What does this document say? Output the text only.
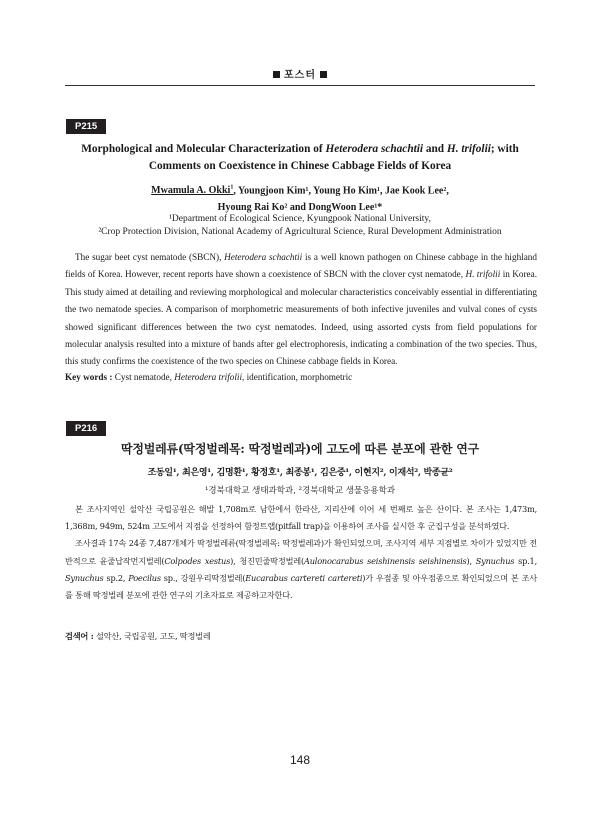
포스터
P215
Morphological and Molecular Characterization of Heterodera schachtii and H. trifolii; with
Comments on Coexistence in Chinese Cabbage Fields of Korea
Mwamula A. Okki$^1$, Youngjoon Kim¹, Young Ho Kim¹, Jae Kook Lee²,
Hyoung Rai Ko² and DongWoon Lee¹*
¹Department of Ecological Science, Kyungpook National University,
²Crop Protection Division, National Academy of Agricultural Science, Rural Development Administration

The sugar beet cyst nematode (SBCN), Heterodera schachtii is a well known pathogen on Chinese cabbage in the highland fields of Korea. However, recent reports have shown a coexistence of SBCN with the clover cyst nematode, H. trifolii in Korea. This study aimed at detailing and reviewing morphological and molecular characteristics conceivably essential in differentiating the two nematode species. A comparison of morphometric measurements of both infective juveniles and vulval cones of cysts showed significant differences between the two cyst nematodes. Indeed, using assorted cysts from field populations for molecular analysis resulted into a mixture of bands after gel electrophoresis, indicating a combination of the two species. Thus, this study confirms the coexistence of the two species on Chinese cabbage fields in Korea.

Key words : Cyst nematode, Heterodera trifolii, identification, morphometric
P216
딱정벌레류(딱정벌레목: 딱정벌레과)에 고도에 따른 분포에 관한 연구
조동일¹, 최은영¹, 김명환¹, 황정호¹, 최종봉¹, 김은중¹, 이현지², 이재석², 박종균²
¹경북대학교 생태과학과, ²경북대학교 생물응용학과

본 조사지역인 설악산 국립공원은 해발 1,708m로 남한에서 한라산, 지리산에 이어 세 번째로 높은 산이다. 본 조사는 1,473m, 1,368m, 949m, 524m 고도에서 지점을 선정하여 함정트랩(pitfall trap)을 이용하여 조사를 실시한 후 군집구성을 분석하였다.

조사결과 17속 24종 7,487개체가 딱정벌레류(딱정벌레목: 딱정벌레과)가 확인되었으며, 조사지역 세부 지점별로 차이가 있었지만 전반적으로 윤줄납작먼지벌레(Colpodes xestus), 청진민줄딱정벌레(Aulonocarabus seishinensis seishinensis), Synuchus sp.1, Synuchus sp.2, Poecilus sp., 강원우리딱정벌레(Eucarabus cartereti cartereti)가 우점종 및 아우점종으로 확인되었으며 본 조사를 통해 딱정벌레 분포에 관한 연구의 기초자료로 제공하고자한다.

검색어 : 설악산, 국립공원, 고도, 딱정벌레
148
